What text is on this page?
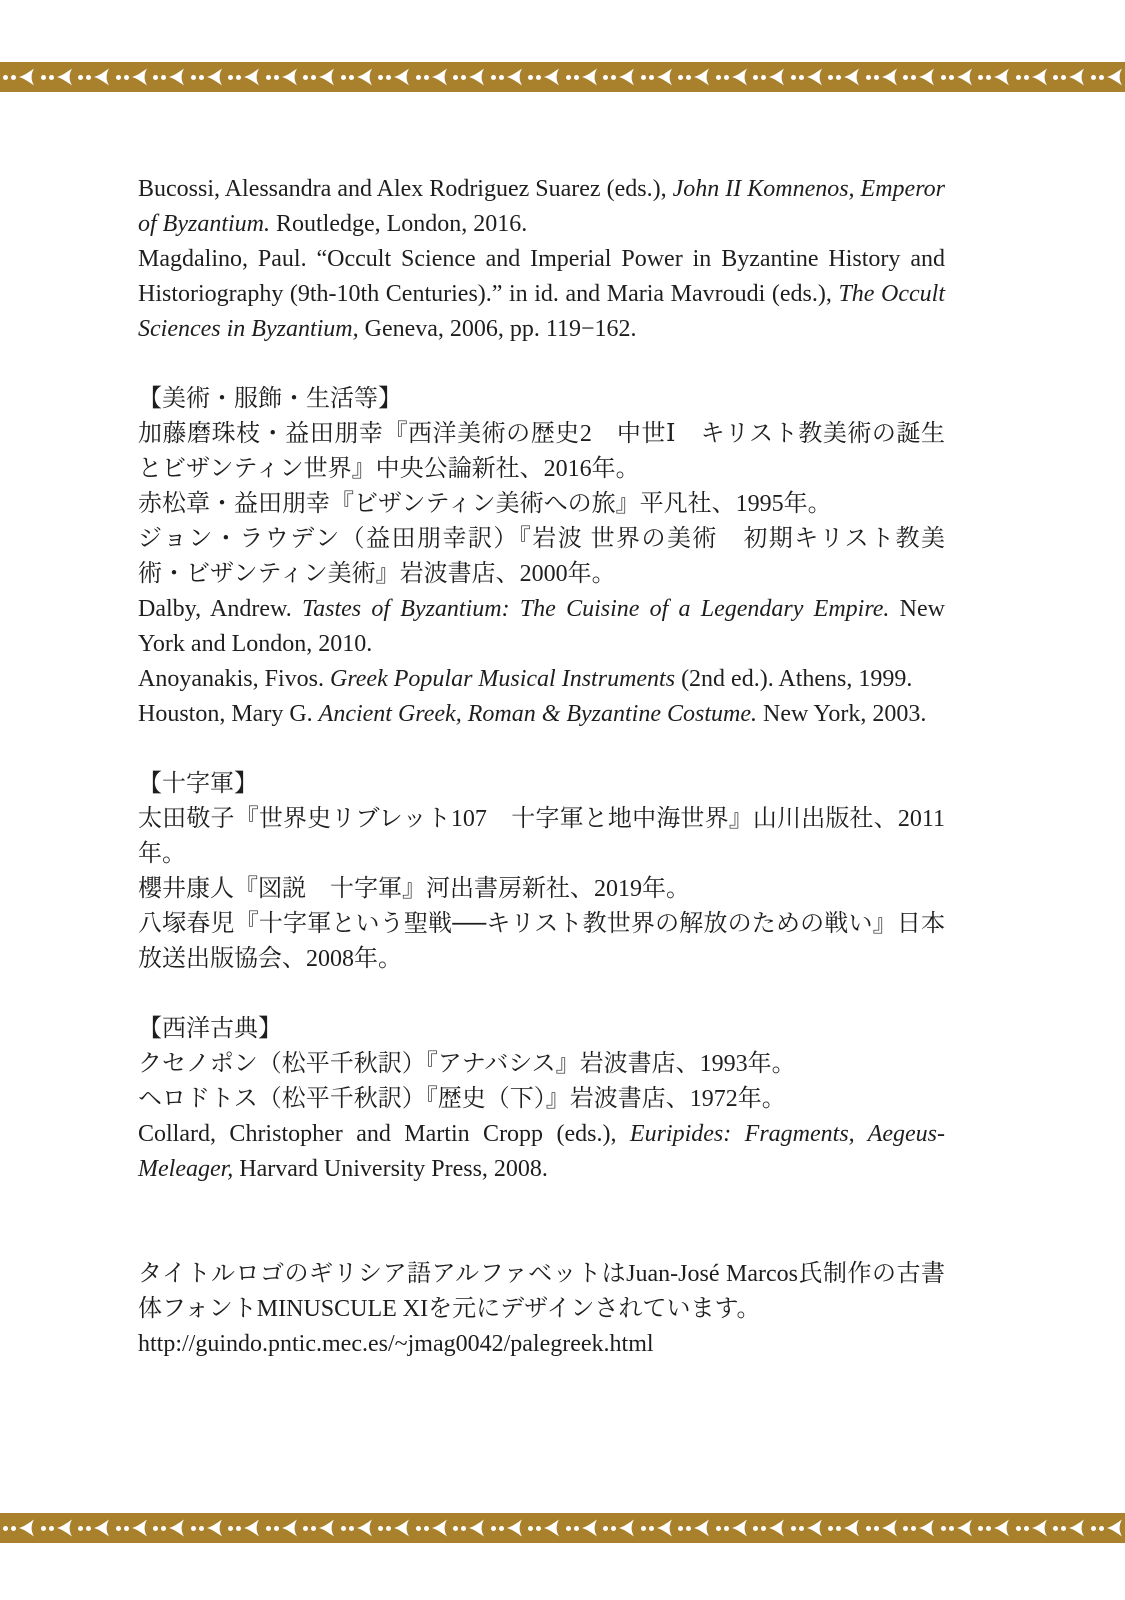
Bucossi, Alessandra and Alex Rodriguez Suarez (eds.), John II Komnenos, Emperor of Byzantium. Routledge, London, 2016.

Magdalino, Paul. “Occult Science and Imperial Power in Byzantine History and Historiography (9th-10th Centuries).” in id. and Maria Mavroudi (eds.), The Occult Sciences in Byzantium, Geneva, 2006, pp. 119−162.

【美術・服飾・生活等】

加藤磨珠枝・益田朋幸『西洋美術の歴史2　中世Ⅰ　キリスト教美術の誕生とビザンティン世界』中央公論新社、2016年。

赤松章・益田朋幸『ビザンティン美術への旅』平凡社、1995年。

ジョン・ラウデン（益田朋幸訳）『岩波 世界の美術　初期キリスト教美術・ビザンティン美術』岩波書店、2000年。

Dalby, Andrew. Tastes of Byzantium: The Cuisine of a Legendary Empire. New York and London, 2010.

Anoyanakis, Fivos. Greek Popular Musical Instruments (2nd ed.). Athens, 1999.

Houston, Mary G. Ancient Greek, Roman & Byzantine Costume. New York, 2003.

【十字軍】

太田敬子『世界史リブレット107　十字軍と地中海世界』山川出版社、2011年。

櫻井康人『図説　十字軍』河出書房新社、2019年。

八塚春児『十字軍という聖戦──キリスト教世界の解放のための戦い』日本放送出版協会、2008年。

【西洋古典】

クセノポン（松平千秋訳）『アナバシス』岩波書店、1993年。

ヘロドトス（松平千秋訳）『歴史（下）』岩波書店、1972年。

Collard, Christopher and Martin Cropp (eds.), Euripides: Fragments, Aegeus-Meleager, Harvard University Press, 2008.

タイトルロゴのギリシア語アルファベットはJuan-José Marcos氏制作の古書体フォントMINUSCULE XIを元にデザインされています。

http://guindo.pntic.mec.es/~jmag0042/palegreek.html
